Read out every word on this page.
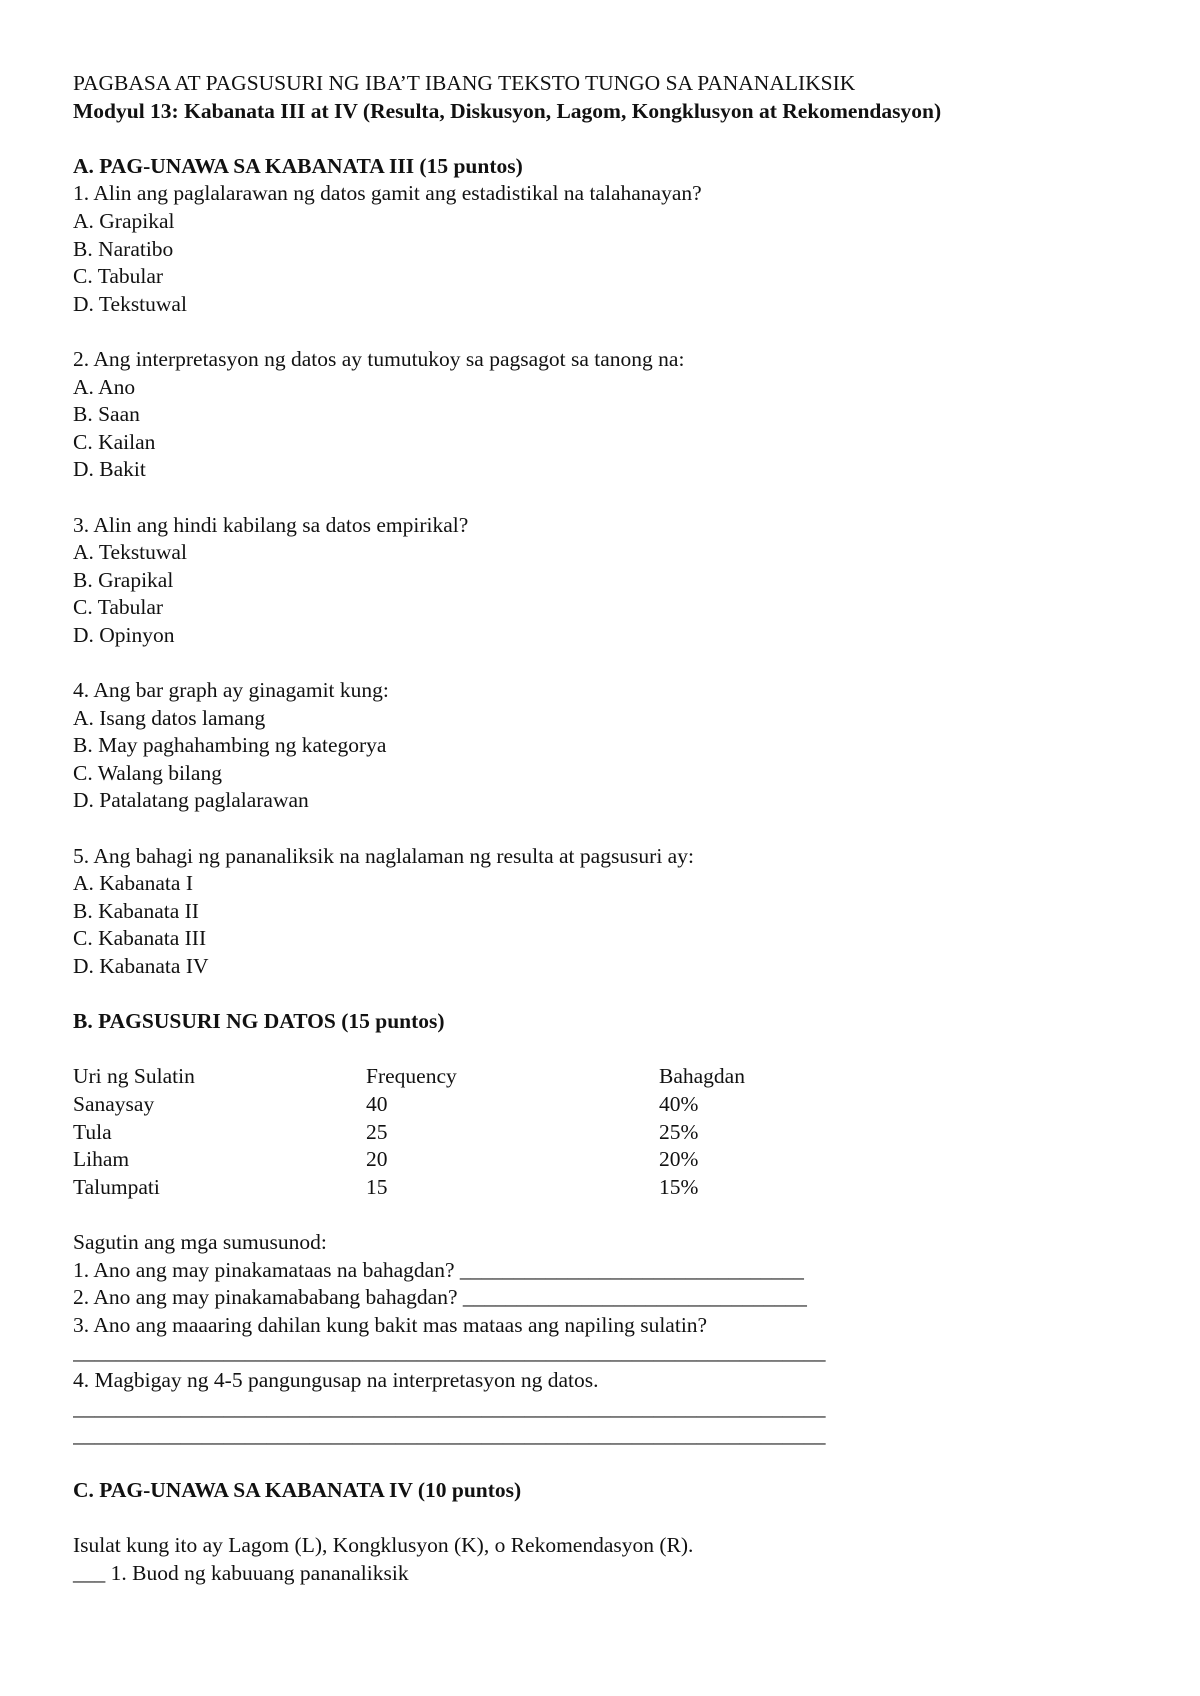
PAGBASA AT PAGSUSURI NG IBA’T IBANG TEKSTO TUNGO SA PANANALIKSIK
Modyul 13: Kabanata III at IV (Resulta, Diskusyon, Lagom, Kongklusyon at Rekomendasyon)
A. PAG-UNAWA SA KABANATA III (15 puntos)
1. Alin ang paglalarawan ng datos gamit ang estadistikal na talahanayan?
A. Grapikal
B. Naratibo
C. Tabular
D. Tekstuwal
2. Ang interpretasyon ng datos ay tumutukoy sa pagsagot sa tanong na:
A. Ano
B. Saan
C. Kailan
D. Bakit
3. Alin ang hindi kabilang sa datos empirikal?
A. Tekstuwal
B. Grapikal
C. Tabular
D. Opinyon
4. Ang bar graph ay ginagamit kung:
A. Isang datos lamang
B. May paghahambing ng kategorya
C. Walang bilang
D. Patalatang paglalarawan
5. Ang bahagi ng pananaliksik na naglalaman ng resulta at pagsusuri ay:
A. Kabanata I
B. Kabanata II
C. Kabanata III
D. Kabanata IV
B. PAGSUSURI NG DATOS (15 puntos)
Uri ng Sulatin	Frequency	Bahagdan
Sanaysay	40	40%
Tula	25	25%
Liham	20	20%
Talumpati	15	15%
Sagutin ang mga sumusunod:
1. Ano ang may pinakamataas na bahagdan? ________________________________
2. Ano ang may pinakamababang bahagdan? ________________________________
3. Ano ang maaaring dahilan kung bakit mas mataas ang napiling sulatin?
______________________________________________________________________
4. Magbigay ng 4-5 pangungusap na interpretasyon ng datos.
______________________________________________________________________
______________________________________________________________________
C. PAG-UNAWA SA KABANATA IV (10 puntos)
Isulat kung ito ay Lagom (L), Kongklusyon (K), o Rekomendasyon (R).
___ 1. Buod ng kabuuang pananaliksik
